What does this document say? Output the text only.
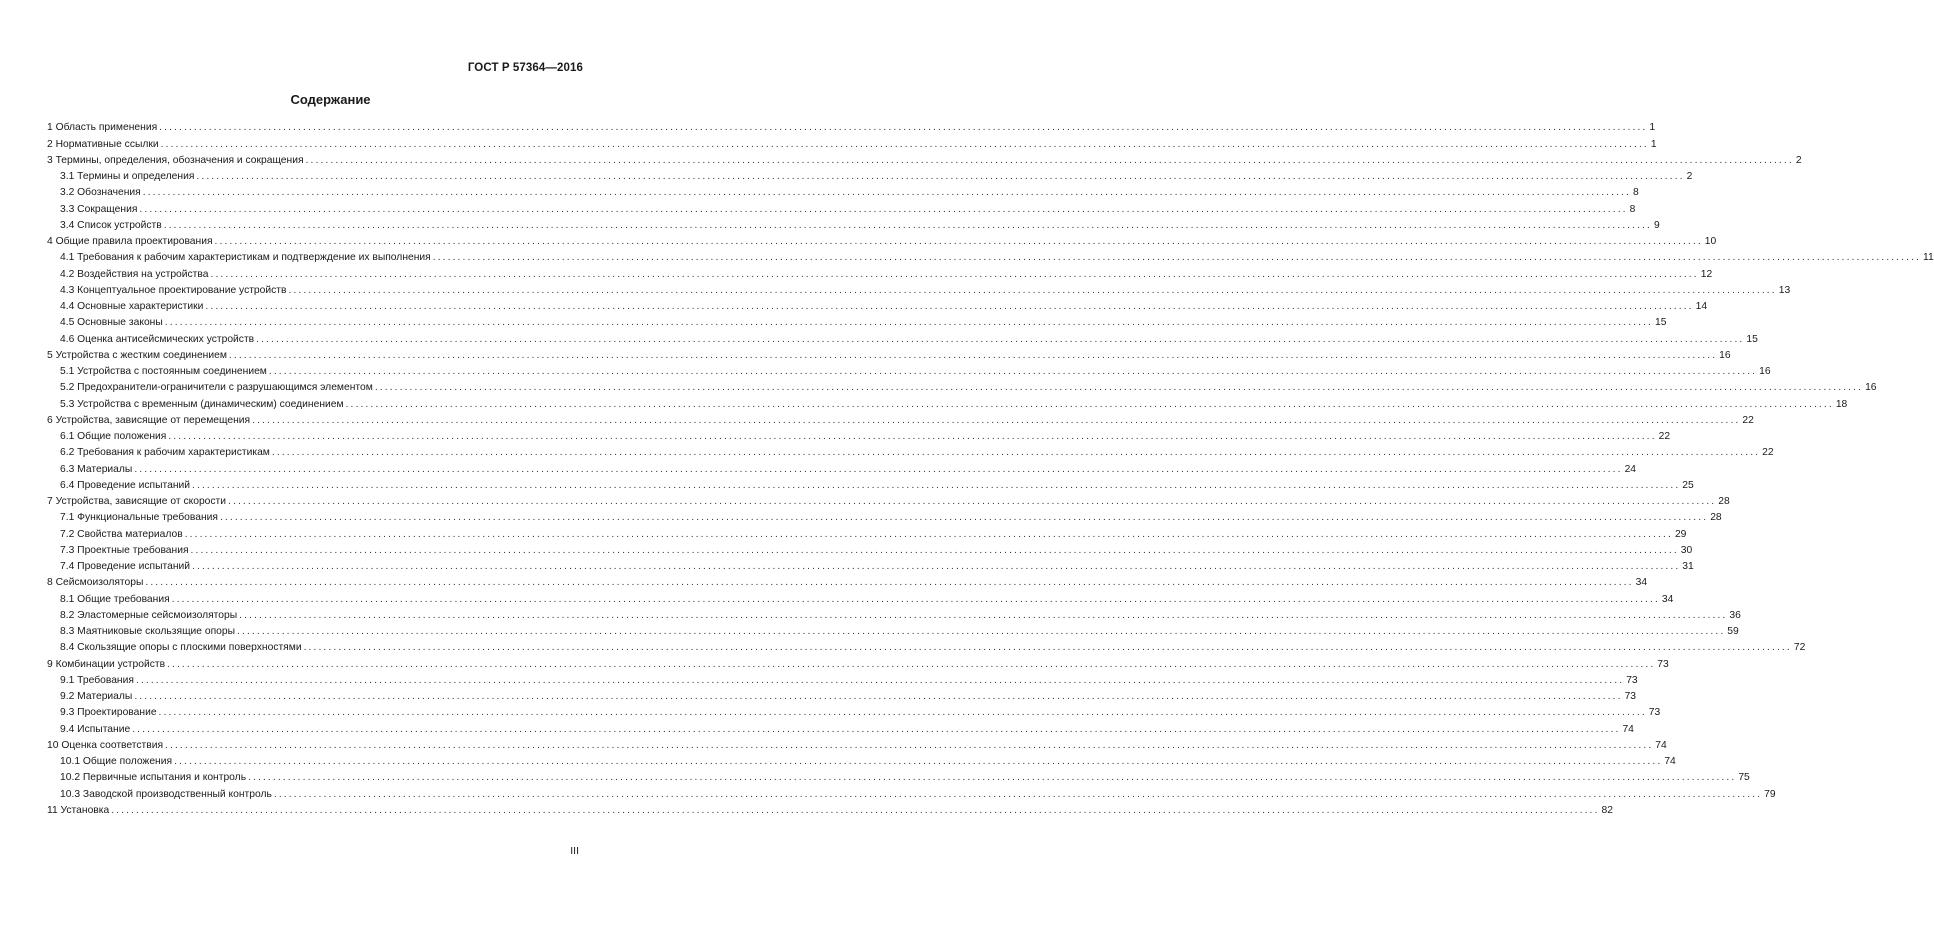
ГОСТ Р 57364—2016
Содержание
1 Область применения ............................................................................................................................................................................................................................................................................................................ 1
2 Нормативные ссылки ............................................................................................................................................................................................................................................................................................................ 1
3 Термины, определения, обозначения и сокращения ............................................................................................................................................................................................................................................................................................................ 2
3.1 Термины и определения ............................................................................................................................................................................................................................................................................................................ 2
3.2 Обозначения ............................................................................................................................................................................................................................................................................................................ 8
3.3 Сокращения ............................................................................................................................................................................................................................................................................................................ 8
3.4 Список устройств ............................................................................................................................................................................................................................................................................................................ 9
4 Общие правила проектирования ............................................................................................................................................................................................................................................................................................................ 10
4.1 Требования к рабочим характеристикам и подтверждение их выполнения ............................................................................................................................................................................................................................................................................................................ 11
4.2 Воздействия на устройства ............................................................................................................................................................................................................................................................................................................ 12
4.3 Концептуальное проектирование устройств ............................................................................................................................................................................................................................................................................................................ 13
4.4 Основные характеристики ............................................................................................................................................................................................................................................................................................................ 14
4.5 Основные законы ............................................................................................................................................................................................................................................................................................................ 15
4.6 Оценка антисейсмических устройств ............................................................................................................................................................................................................................................................................................................ 15
5 Устройства с жестким соединением ............................................................................................................................................................................................................................................................................................................ 16
5.1 Устройства с постоянным соединением ............................................................................................................................................................................................................................................................................................................ 16
5.2 Предохранители-ограничители с разрушающимся элементом ............................................................................................................................................................................................................................................................................................................ 16
5.3 Устройства с временным (динамическим) соединением ............................................................................................................................................................................................................................................................................................................ 18
6 Устройства, зависящие от перемещения ............................................................................................................................................................................................................................................................................................................ 22
6.1 Общие положения ............................................................................................................................................................................................................................................................................................................ 22
6.2 Требования к рабочим характеристикам ............................................................................................................................................................................................................................................................................................................ 22
6.3 Материалы ............................................................................................................................................................................................................................................................................................................ 24
6.4 Проведение испытаний ............................................................................................................................................................................................................................................................................................................ 25
7 Устройства, зависящие от скорости ............................................................................................................................................................................................................................................................................................................ 28
7.1 Функциональные требования ............................................................................................................................................................................................................................................................................................................ 28
7.2 Свойства материалов ............................................................................................................................................................................................................................................................................................................ 29
7.3 Проектные требования ............................................................................................................................................................................................................................................................................................................ 30
7.4 Проведение испытаний ............................................................................................................................................................................................................................................................................................................ 31
8 Сейсмоизоляторы ............................................................................................................................................................................................................................................................................................................ 34
8.1 Общие требования ............................................................................................................................................................................................................................................................................................................ 34
8.2 Эластомерные сейсмоизоляторы ............................................................................................................................................................................................................................................................................................................ 36
8.3 Маятниковые скользящие опоры ............................................................................................................................................................................................................................................................................................................ 59
8.4 Скользящие опоры с плоскими поверхностями ............................................................................................................................................................................................................................................................................................................ 72
9 Комбинации устройств ............................................................................................................................................................................................................................................................................................................ 73
9.1 Требования ............................................................................................................................................................................................................................................................................................................ 73
9.2 Материалы ............................................................................................................................................................................................................................................................................................................ 73
9.3 Проектирование ............................................................................................................................................................................................................................................................................................................ 73
9.4 Испытание ............................................................................................................................................................................................................................................................................................................ 74
10 Оценка соответствия ............................................................................................................................................................................................................................................................................................................ 74
10.1 Общие положения ............................................................................................................................................................................................................................................................................................................ 74
10.2 Первичные испытания и контроль ............................................................................................................................................................................................................................................................................................................ 75
10.3 Заводской производственный контроль ............................................................................................................................................................................................................................................................................................................ 79
11 Установка ............................................................................................................................................................................................................................................................................................................ 82
III
